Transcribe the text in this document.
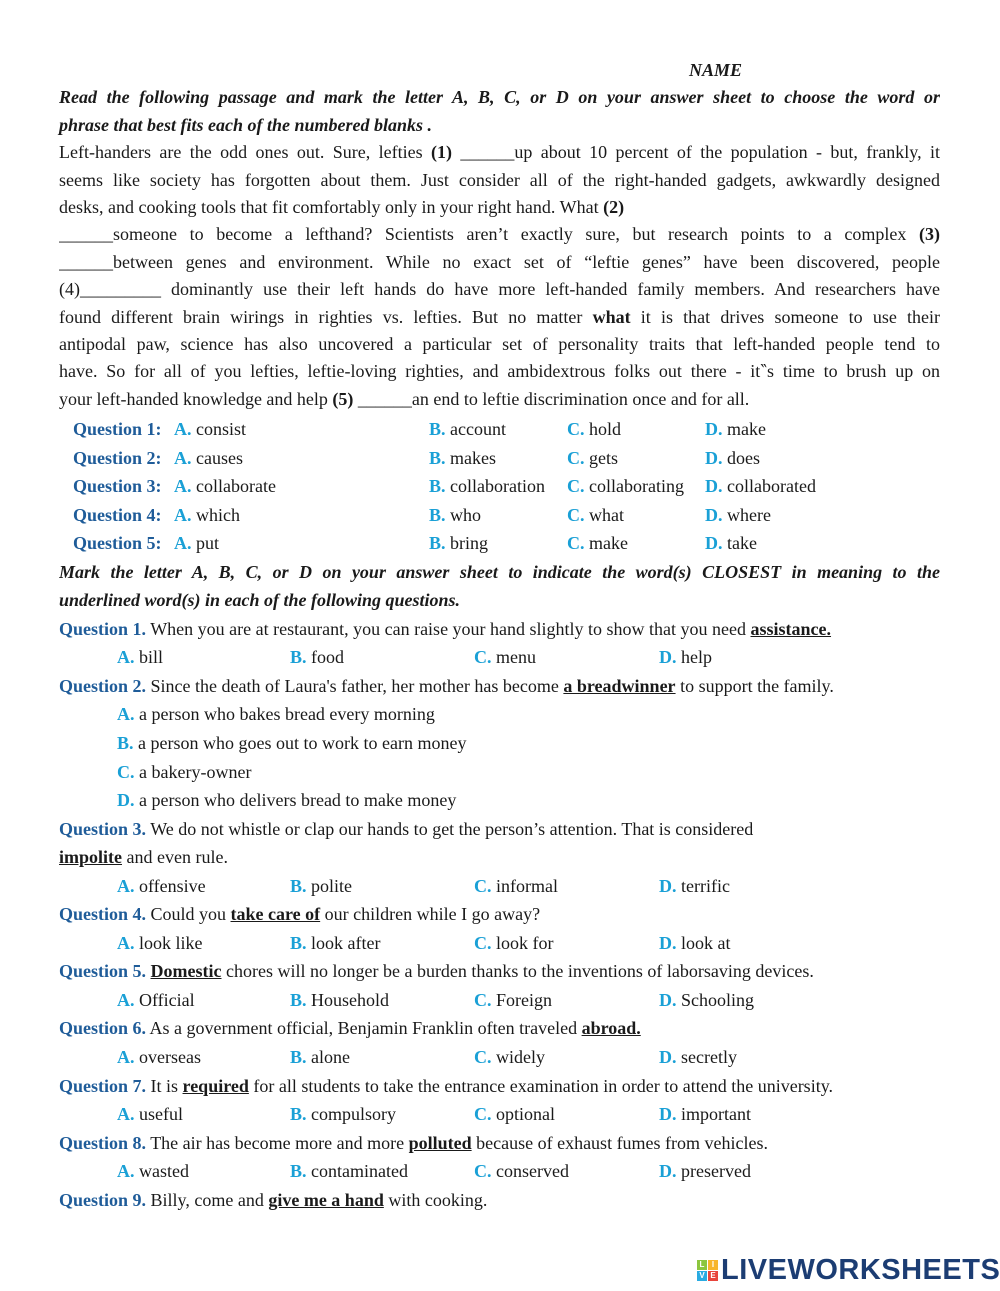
NAME
Read the following passage and mark the letter A, B, C, or D on your answer sheet to choose the word or
phrase that best fits each of the numbered blanks .
Left-handers are the odd ones out. Sure, lefties (1) ______up about 10 percent of the population - but, frankly, it
seems like society has forgotten about them. Just consider all of the right-handed gadgets, awkwardly designed
desks, and cooking tools that fit comfortably only in your right hand. What (2)
______someone to become a lefthand? Scientists aren’t exactly sure, but research points to a complex (3)
______between genes and environment. While no exact set of “leftie genes” have been discovered, people
(4)_________ dominantly use their left hands do have more left-handed family members. And researchers have
found different brain wirings in righties vs. lefties. But no matter what it is that drives someone to use their
antipodal paw, science has also uncovered a particular set of personality traits that left-handed people tend to
have. So for all of you lefties, leftie-loving righties, and ambidextrous folks out there - it‶s time to brush up on
your left-handed knowledge and help (5) ______an end to leftie discrimination once and for all.
Question 1: A. consist	B. account	C. hold	D. make
Question 2: A. causes	B. makes	C. gets	D. does
Question 3: A. collaborate	B. collaboration C. collaborating D. collaborated
Question 4: A. which	B. who	C. what	D. where
Question 5: A. put	B. bring	C. make	D. take
Mark the letter A, B, C, or D on your answer sheet to indicate the word(s) CLOSEST in meaning to the
underlined word(s) in each of the following questions.
Question 1. When you are at restaurant, you can raise your hand slightly to show that you need assistance.
A. bill	B. food	C. menu	D. help
Question 2. Since the death of Laura's father, her mother has become a breadwinner to support the family.
A. a person who bakes bread every morning
B. a person who goes out to work to earn money
C. a bakery-owner
D. a person who delivers bread to make money
Question 3. We do not whistle or clap our hands to get the person’s attention. That is considered
impolite and even rule.
A. offensive	B. polite	C. informal	D. terrific
Question 4. Could you take care of our children while I go away?
A. look like	B. look after	C. look for	D. look at
Question 5. Domestic chores will no longer be a burden thanks to the inventions of laborsaving devices.
A. Official	B. Household	C. Foreign	D. Schooling
Question 6. As a government official, Benjamin Franklin often traveled abroad.
A. overseas	B. alone	C. widely	D. secretly
Question 7. It is required for all students to take the entrance examination in order to attend the university.
A. useful	B. compulsory	C. optional	D. important
Question 8. The air has become more and more polluted because of exhaust fumes from vehicles.
A. wasted	B. contaminated	C. conserved	D. preserved
Question 9. Billy, come and give me a hand with cooking.
L I
V E LIVEWORKSHEETS
